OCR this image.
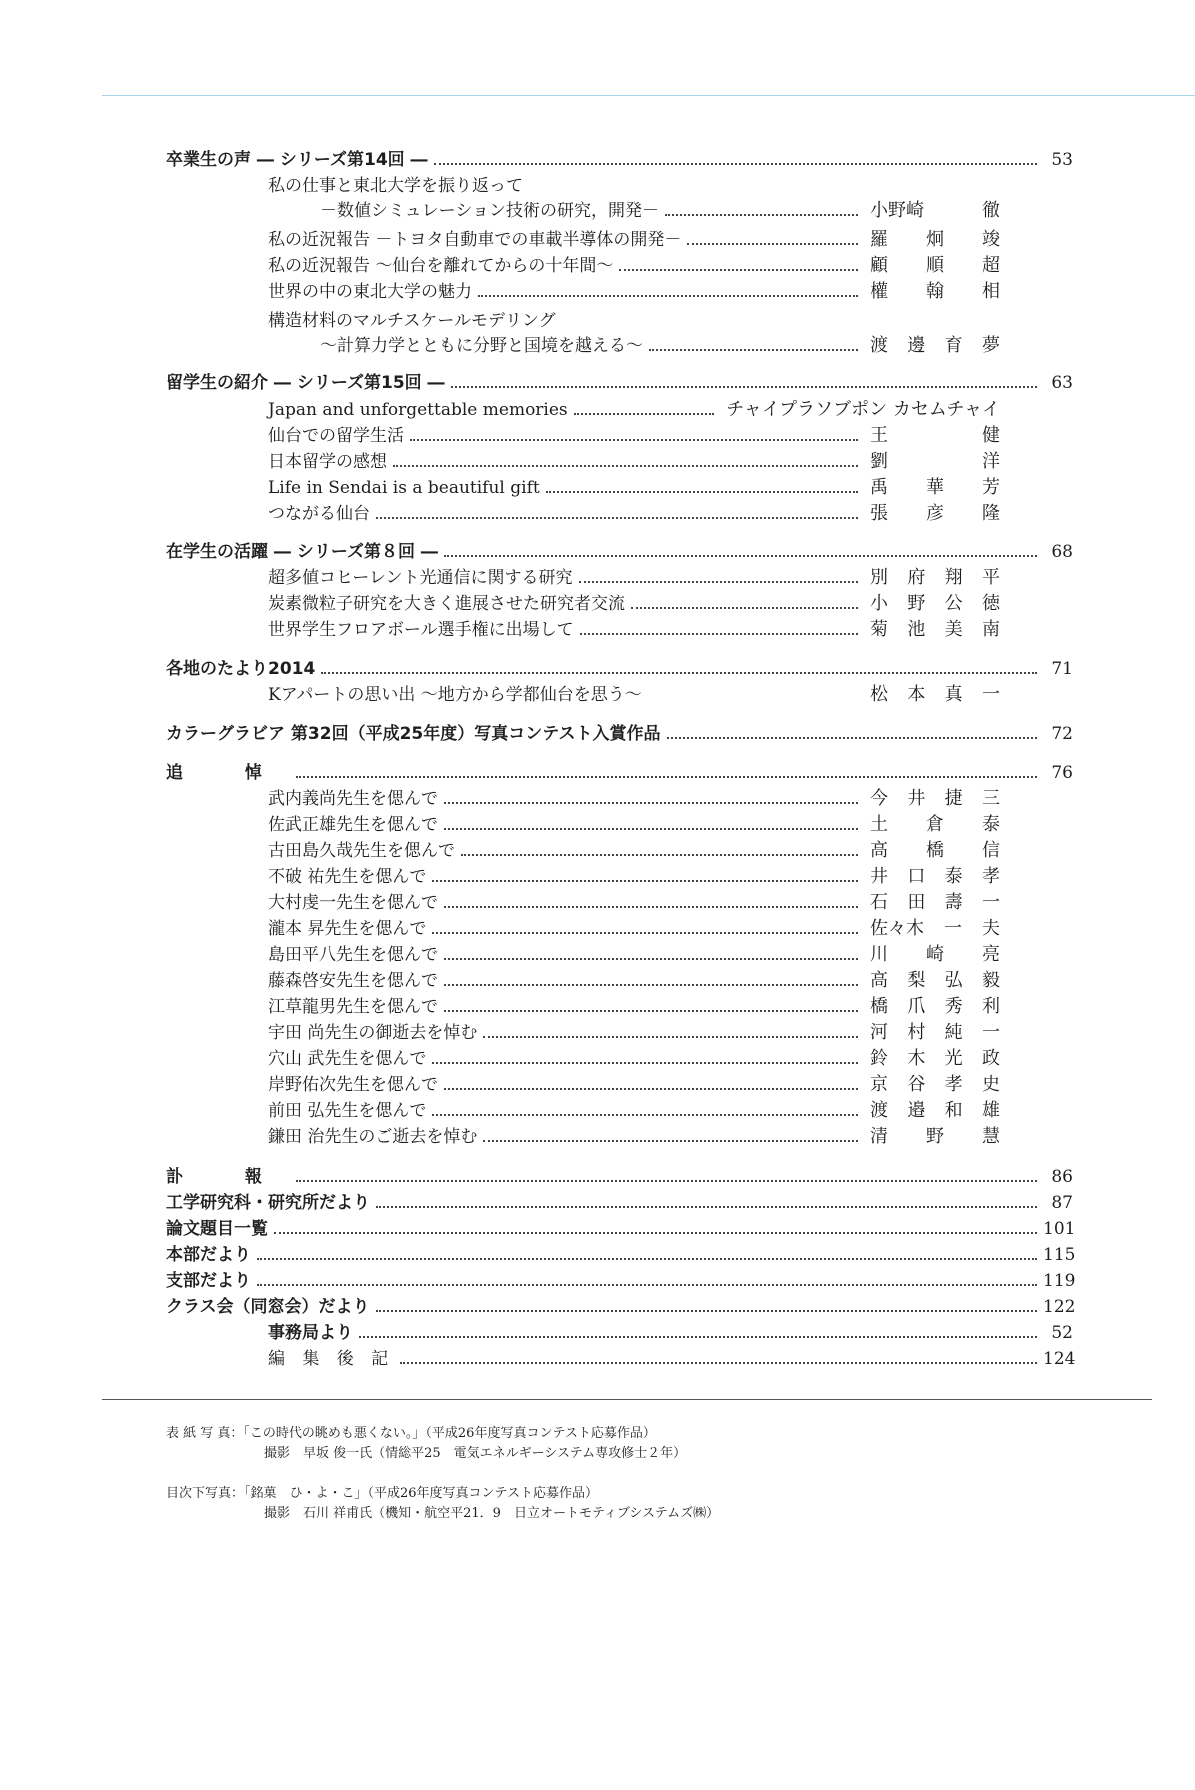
卒業生の声 ― シリーズ第14回 ―	53
私の仕事と東北大学を振り返って
－数値シミュレーション技術の研究，開発－	小野崎	徹
私の近況報告 －トヨタ自動車での車載半導体の開発－	羅 炯 竣
私の近況報告 ～仙台を離れてからの十年間～	顧 順 超
世界の中の東北大学の魅力	權 翰 相
構造材料のマルチスケールモデリング
～計算力学とともに分野と国境を越える～	渡 邊 育 夢
留学生の紹介 ― シリーズ第15回 ―	63
Japan and unforgettable memories	チャイプラソブポン カセムチャイ
仙台での留学生活	王	健
日本留学の感想	劉	洋
Life in Sendai is a beautiful gift	禹 華 芳
つながる仙台	張 彦 隆
在学生の活躍 ― シリーズ第８回 ―	68
超多値コヒーレント光通信に関する研究	別 府 翔 平
炭素微粒子研究を大きく進展させた研究者交流	小 野 公 徳
世界学生フロアボール選手権に出場して	菊 池 美 南
各地のたより2014	71
Kアパートの思い出 ～地方から学都仙台を思う～	松 本 真 一
カラーグラビア 第32回（平成25年度）写真コンテスト入賞作品	72
追 悼	76
武内義尚先生を偲んで	今 井 捷 三
佐武正雄先生を偲んで	土 倉 泰
古田島久哉先生を偲んで	高 橋 信
不破 祐先生を偲んで	井 口 泰 孝
大村虔一先生を偲んで	石 田 壽 一
瀧本 昇先生を偲んで	佐々木 一 夫
島田平八先生を偲んで	川 崎 亮
藤森啓安先生を偲んで	高 梨 弘 毅
江草龍男先生を偲んで	橋 爪 秀 利
宇田 尚先生の御逝去を悼む	河 村 純 一
穴山 武先生を偲んで	鈴 木 光 政
岸野佑次先生を偲んで	京 谷 孝 史
前田 弘先生を偲んで	渡 邉 和 雄
鎌田 治先生のご逝去を悼む	清 野 慧
訃 報	86
工学研究科・研究所だより	87
論文題目一覧	101
本部だより	115
支部だより	119
クラス会（同窓会）だより	122
事務局より	52
編 集 後 記	124
表 紙 写 真：「この時代の眺めも悪くない。」（平成26年度写真コンテスト応募作品）
撮影　早坂 俊一氏（情総平25　電気エネルギーシステム専攻修士２年）
目次下写真：「銘菓　ひ・よ・こ」（平成26年度写真コンテスト応募作品）
撮影　石川 祥甫氏（機知・航空平21．9　日立オートモティブシステムズ㈱）
